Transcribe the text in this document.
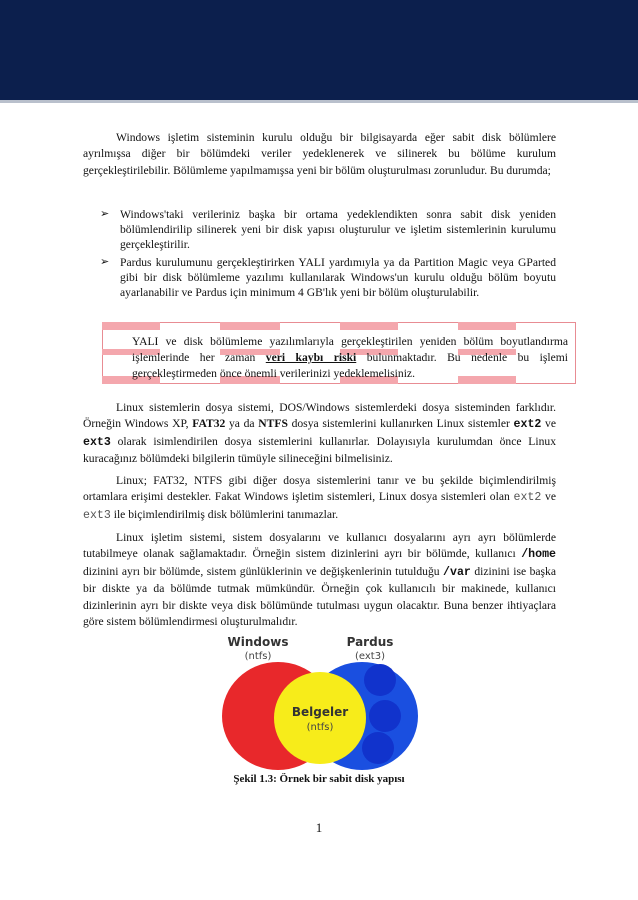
Windows işletim sisteminin kurulu olduğu bir bilgisayarda eğer sabit disk bölümlere ayrılmışsa diğer bir bölümdeki veriler yedeklenerek ve silinerek bu bölüme kurulum gerçekleştirilebilir. Bölümleme yapılmamışsa yeni bir bölüm oluşturulması zorunludur. Bu durumda;

➢ Windows'taki verileriniz başka bir ortama yedeklendikten sonra sabit disk yeniden bölümlendirilip silinerek yeni bir disk yapısı oluşturulur ve işletim sistemlerinin kurulumu gerçekleştirilir.
➢ Pardus kurulumunu gerçekleştirirken YALI yardımıyla ya da Partition Magic veya GParted gibi bir disk bölümleme yazılımı kullanılarak Windows'un kurulu olduğu bölüm boyutu ayarlanabilir ve Pardus için minimum 4 GB'lık yeni bir bölüm oluşturulabilir.

YALI ve disk bölümleme yazılımlarıyla gerçekleştirilen yeniden bölüm boyutlandırma işlemlerinde her zaman veri kaybı riski bulunmaktadır. Bu nedenle bu işlemi gerçekleştirmeden önce önemli verilerinizi yedeklemelisiniz.

Linux sistemlerin dosya sistemi, DOS/Windows sistemlerdeki dosya sisteminden farklıdır. Örneğin Windows XP, FAT32 ya da NTFS dosya sistemlerini kullanırken Linux sistemler ext2 ve ext3 olarak isimlendirilen dosya sistemlerini kullanırlar. Dolayısıyla kurulumdan önce Linux kuracağınız bölümdeki bilgilerin tümüyle silineceğini bilmelisiniz.

Linux; FAT32, NTFS gibi diğer dosya sistemlerini tanır ve bu şekilde biçimlendirilmiş ortamlara erişimi destekler. Fakat Windows işletim sistemleri, Linux dosya sistemleri olan ext2 ve ext3 ile biçimlendirilmiş disk bölümlerini tanımazlar.

Linux işletim sistemi, sistem dosyalarını ve kullanıcı dosyalarını ayrı ayrı bölümlerde tutabilmeye olanak sağlamaktadır. Örneğin sistem dizinlerini ayrı bir bölümde, kullanıcı /home dizinini ayrı bir bölümde, sistem günlüklerinin ve değişkenlerinin tutulduğu /var dizinini ise başka bir diskte ya da bölümde tutmak mümkündür. Örneğin çok kullanıcılı bir makinede, kullanıcı dizinlerinin ayrı bir diskte veya disk bölümünde tutulması uygun olacaktır. Buna benzer ihtiyaçlara göre sistem bölümlendirmesi oluşturulmalıdır.

Windows
(ntfs)
Pardus
(ext3)
Belgeler
(ntfs)
Şekil 1.3: Örnek bir sabit disk yapısı
1
